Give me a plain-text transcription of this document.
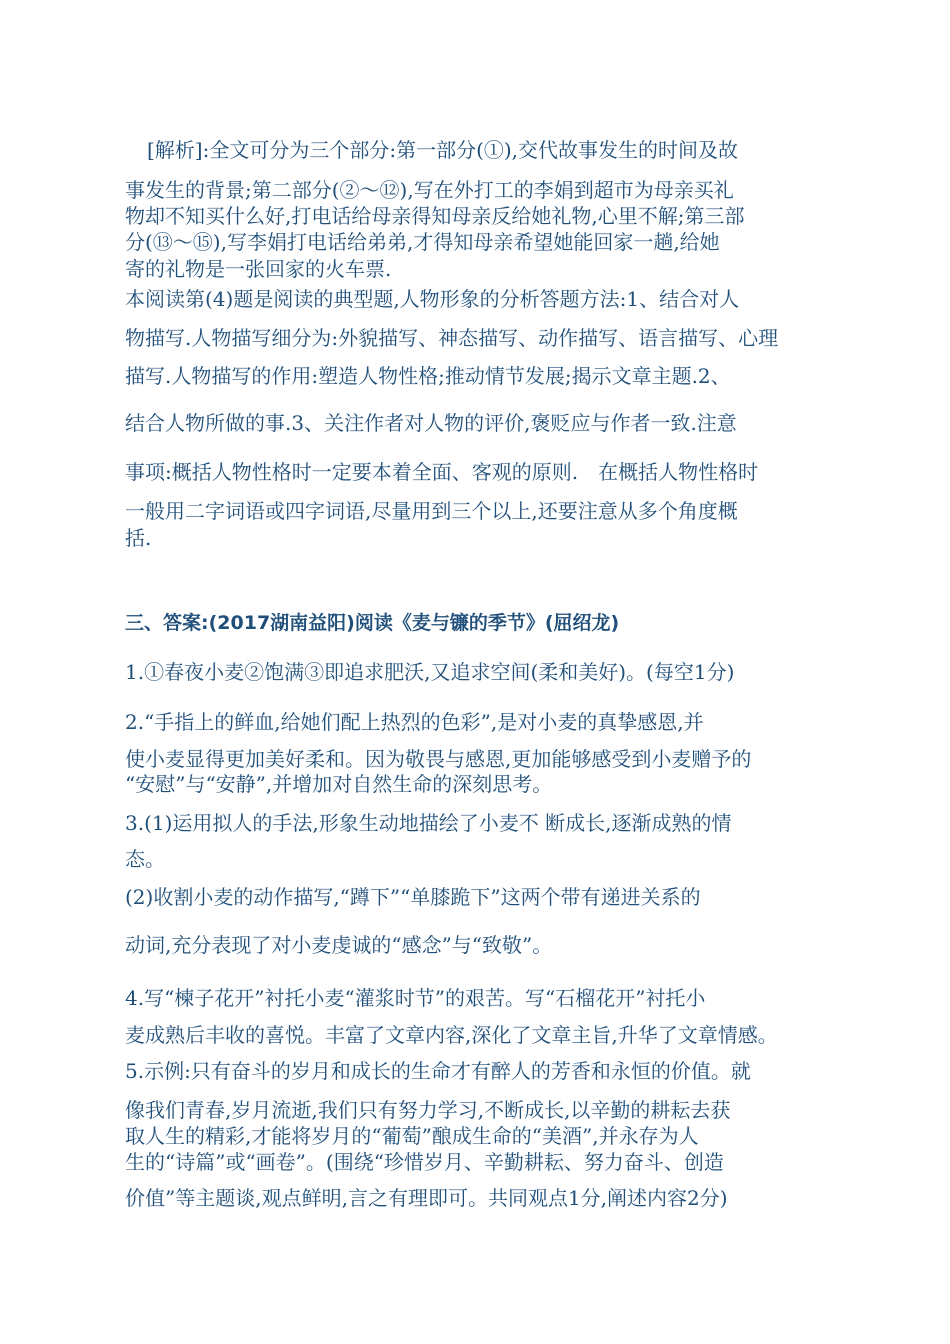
[解析]:全文可分为三个部分:第一部分(①),交代故事发生的时间及故
事发生的背景;第二部分(②～⑫),写在外打工的李娟到超市为母亲买礼
物却不知买什么好,打电话给母亲得知母亲反给她礼物,心里不解;第三部
分(⑬～⑮),写李娟打电话给弟弟,才得知母亲希望她能回家一趟,给她
寄的礼物是一张回家的火车票.
本阅读第(4)题是阅读的典型题,人物形象的分析答题方法:1、结合对人
物描写.人物描写细分为:外貌描写、神态描写、动作描写、语言描写、心理
描写.人物描写的作用:塑造人物性格;推动情节发展;揭示文章主题.2、
结合人物所做的事.3、关注作者对人物的评价,褒贬应与作者一致.注意
事项:概括人物性格时一定要本着全面、客观的原则.　在概括人物性格时
一般用二字词语或四字词语,尽量用到三个以上,还要注意从多个角度概
括.
三、答案:(2017湖南益阳)阅读《麦与镰的季节》(屈绍龙)
1.①春夜小麦②饱满③即追求肥沃,又追求空间(柔和美好)。(每空1分)
2.“手指上的鲜血,给她们配上热烈的色彩”,是对小麦的真挚感恩,并
使小麦显得更加美好柔和。因为敬畏与感恩,更加能够感受到小麦赠予的
“安慰”与“安静”,并增加对自然生命的深刻思考。
3.(1)运用拟人的手法,形象生动地描绘了小麦不 断成长,逐渐成熟的情
态。
(2)收割小麦的动作描写,“蹲下”“单膝跪下”这两个带有递进关系的
动词,充分表现了对小麦虔诚的“感念”与“致敬”。
4.写“楝子花开”衬托小麦“灌浆时节”的艰苦。写“石榴花开”衬托小
麦成熟后丰收的喜悦。丰富了文章内容,深化了文章主旨,升华了文章情感。
5.示例:只有奋斗的岁月和成长的生命才有醉人的芳香和永恒的价值。就
像我们青春,岁月流逝,我们只有努力学习,不断成长,以辛勤的耕耘去获
取人生的精彩,才能将岁月的“葡萄”酿成生命的“美酒”,并永存为人
生的“诗篇”或“画卷”。(围绕“珍惜岁月、辛勤耕耘、努力奋斗、创造
价值”等主题谈,观点鲜明,言之有理即可。共同观点1分,阐述内容2分)
